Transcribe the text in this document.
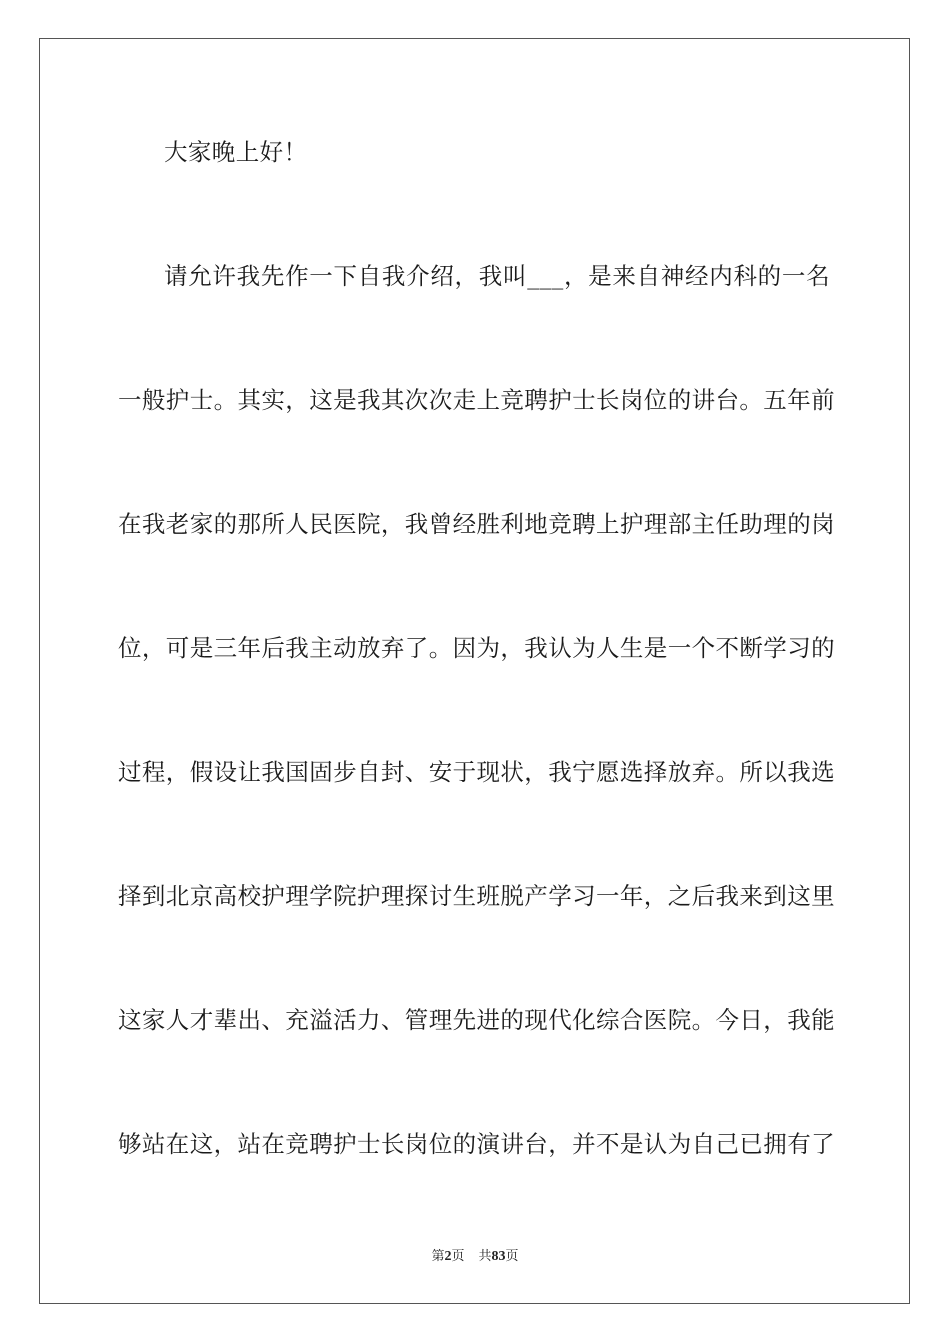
大家晚上好！
请允许我先作一下自我介绍，我叫___，是来自神经内科的一名
一般护士。其实，这是我其次次走上竞聘护士长岗位的讲台。五年前
在我老家的那所人民医院，我曾经胜利地竞聘上护理部主任助理的岗
位，可是三年后我主动放弃了。因为，我认为人生是一个不断学习的
过程，假设让我国固步自封、安于现状，我宁愿选择放弃。所以我选
择到北京高校护理学院护理探讨生班脱产学习一年，之后我来到这里
这家人才辈出、充溢活力、管理先进的现代化综合医院。今日，我能
够站在这，站在竞聘护士长岗位的演讲台，并不是认为自己已拥有了
第2页 共83页
